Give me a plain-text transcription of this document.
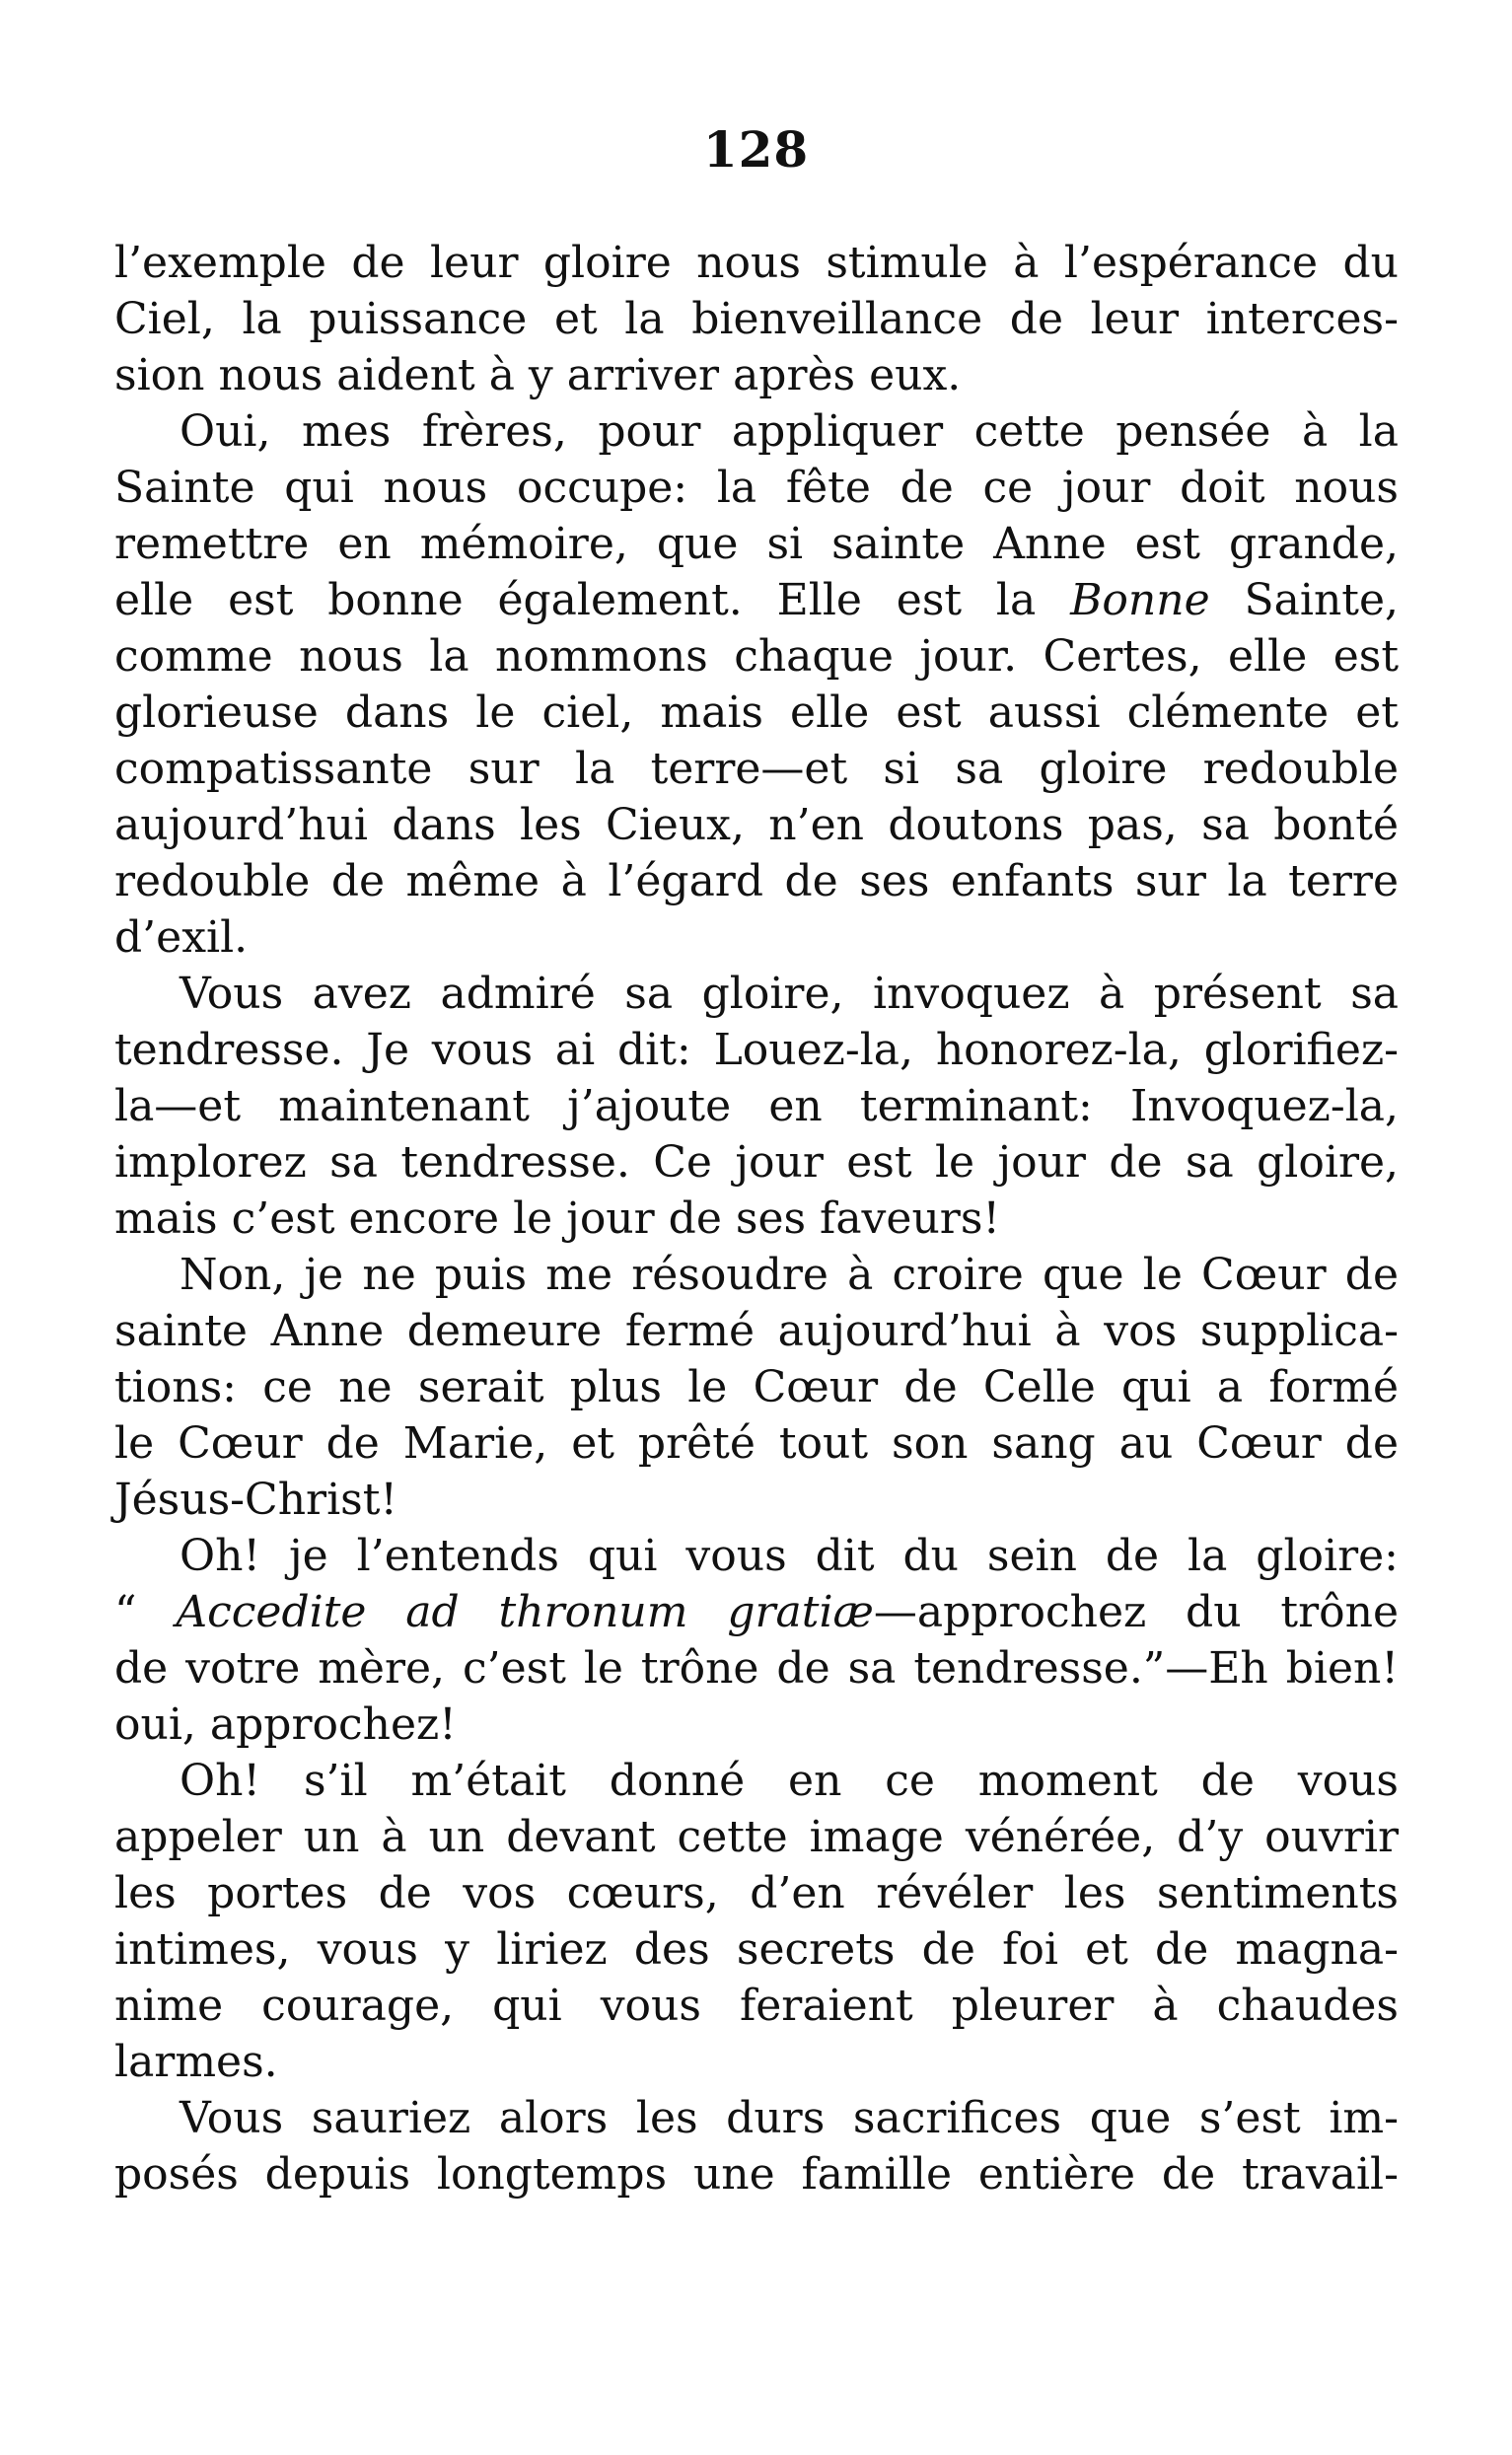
128
l’exemple de leur gloire nous stimule à l’espérance du
Ciel, la puissance et la bienveillance de leur interces-
sion nous aident à y arriver après eux.
Oui, mes frères, pour appliquer cette pensée à la
Sainte qui nous occupe: la fête de ce jour doit nous
remettre en mémoire, que si sainte Anne est grande,
elle est bonne également. Elle est la Bonne Sainte,
comme nous la nommons chaque jour. Certes, elle est
glorieuse dans le ciel, mais elle est aussi clémente et
compatissante sur la terre—et si sa gloire redouble
aujourd’hui dans les Cieux, n’en doutons pas, sa bonté
redouble de même à l’égard de ses enfants sur la terre
d’exil.
Vous avez admiré sa gloire, invoquez à présent sa
tendresse. Je vous ai dit: Louez-la, honorez-la, glorifiez-
la—et maintenant j’ajoute en terminant: Invoquez-la,
implorez sa tendresse. Ce jour est le jour de sa gloire,
mais c’est encore le jour de ses faveurs!
Non, je ne puis me résoudre à croire que le Cœur de
sainte Anne demeure fermé aujourd’hui à vos supplica-
tions: ce ne serait plus le Cœur de Celle qui a formé
le Cœur de Marie, et prêté tout son sang au Cœur de
Jésus-Christ!
Oh! je l’entends qui vous dit du sein de la gloire:
“ Accedite ad thronum gratiæ—approchez du trône
de votre mère, c’est le trône de sa tendresse.”—Eh bien!
oui, approchez!
Oh! s’il m’était donné en ce moment de vous
appeler un à un devant cette image vénérée, d’y ouvrir
les portes de vos cœurs, d’en révéler les sentiments
intimes, vous y liriez des secrets de foi et de magna-
nime courage, qui vous feraient pleurer à chaudes
larmes.
Vous sauriez alors les durs sacrifices que s’est im-
posés depuis longtemps une famille entière de travail-
